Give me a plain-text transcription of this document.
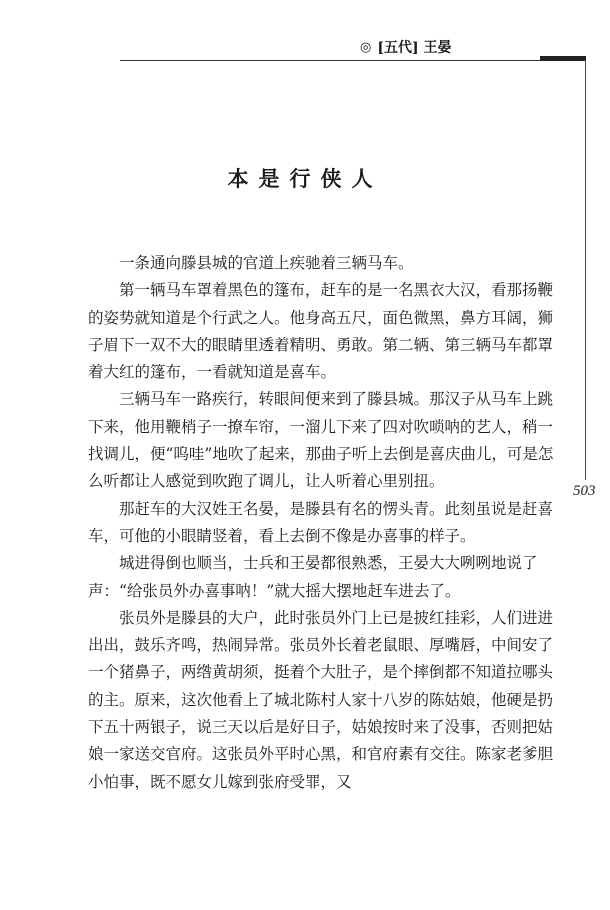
◎ [五代] 王晏
503
本是行侠人

一条通向滕县城的官道上疾驰着三辆马车。

第一辆马车罩着黑色的篷布，赶车的是一名黑衣大汉，看那扬鞭的姿势就知道是个行武之人。他身高五尺，面色微黑，鼻方耳阔，狮子眉下一双不大的眼睛里透着精明、勇敢。第二辆、第三辆马车都罩着大红的篷布，一看就知道是喜车。

三辆马车一路疾行，转眼间便来到了滕县城。那汉子从马车上跳下来，他用鞭梢子一撩车帘，一溜儿下来了四对吹唢呐的艺人，稍一找调儿，便“呜哇”地吹了起来，那曲子听上去倒是喜庆曲儿，可是怎么听都让人感觉到吹跑了调儿，让人听着心里别扭。

那赶车的大汉姓王名晏，是滕县有名的愣头青。此刻虽说是赶喜车，可他的小眼睛竖着，看上去倒不像是办喜事的样子。

城进得倒也顺当，士兵和王晏都很熟悉，王晏大大咧咧地说了声：“给张员外办喜事呐！”就大摇大摆地赶车进去了。

张员外是滕县的大户，此时张员外门上已是披红挂彩，人们进进出出，鼓乐齐鸣，热闹异常。张员外长着老鼠眼、厚嘴唇，中间安了一个猪鼻子，两绺黄胡须，挺着个大肚子，是个摔倒都不知道拉哪头的主。原来，这次他看上了城北陈村人家十八岁的陈姑娘，他硬是扔下五十两银子，说三天以后是好日子，姑娘按时来了没事，否则把姑娘一家送交官府。这张员外平时心黑，和官府素有交往。陈家老爹胆小怕事，既不愿女儿嫁到张府受罪，又
